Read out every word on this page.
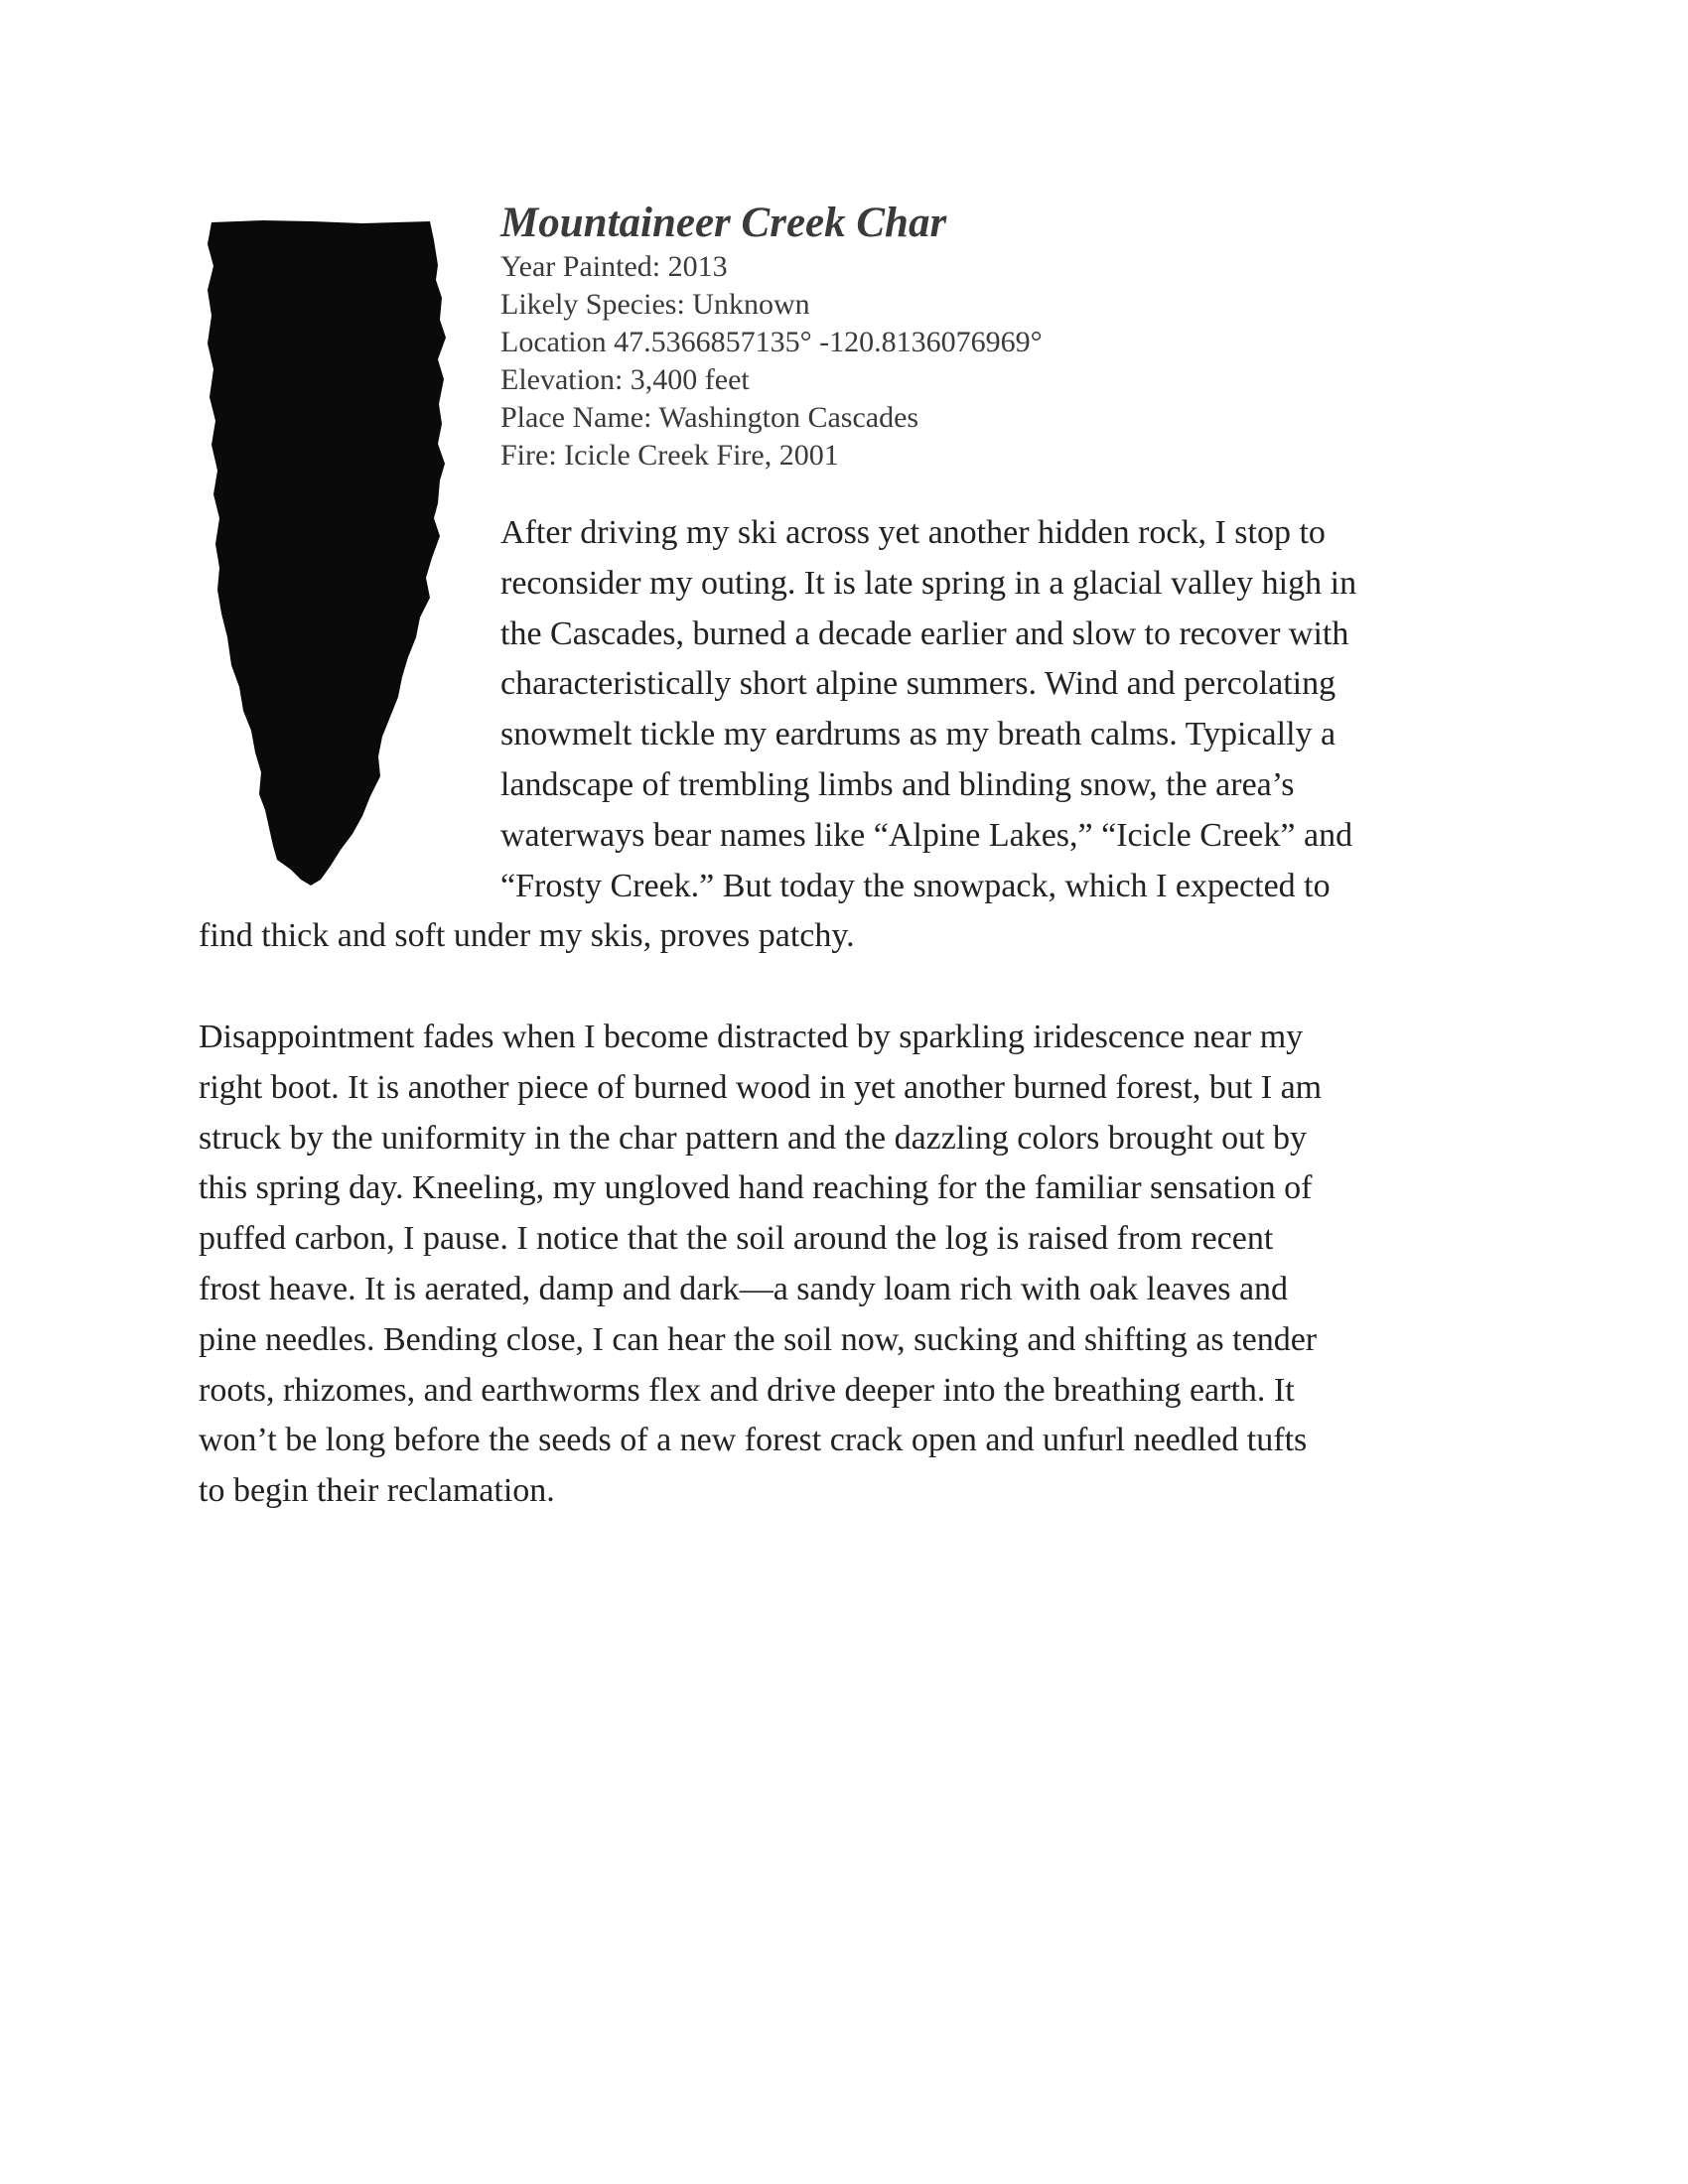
Mountaineer Creek Char
Year Painted: 2013
Likely Species: Unknown
Location 47.5366857135° -120.8136076969°
Elevation: 3,400 feet
Place Name: Washington Cascades
Fire: Icicle Creek Fire, 2001

After driving my ski across yet another hidden rock, I stop to
reconsider my outing. It is late spring in a glacial valley high in
the Cascades, burned a decade earlier and slow to recover with
characteristically short alpine summers. Wind and percolating
snowmelt tickle my eardrums as my breath calms. Typically a
landscape of trembling limbs and blinding snow, the area’s
waterways bear names like “Alpine Lakes,” “Icicle Creek” and
“Frosty Creek.” But today the snowpack, which I expected to
find thick and soft under my skis, proves patchy.

Disappointment fades when I become distracted by sparkling iridescence near my
right boot. It is another piece of burned wood in yet another burned forest, but I am
struck by the uniformity in the char pattern and the dazzling colors brought out by
this spring day. Kneeling, my ungloved hand reaching for the familiar sensation of
puffed carbon, I pause. I notice that the soil around the log is raised from recent
frost heave. It is aerated, damp and dark—a sandy loam rich with oak leaves and
pine needles. Bending close, I can hear the soil now, sucking and shifting as tender
roots, rhizomes, and earthworms flex and drive deeper into the breathing earth. It
won’t be long before the seeds of a new forest crack open and unfurl needled tufts
to begin their reclamation.
